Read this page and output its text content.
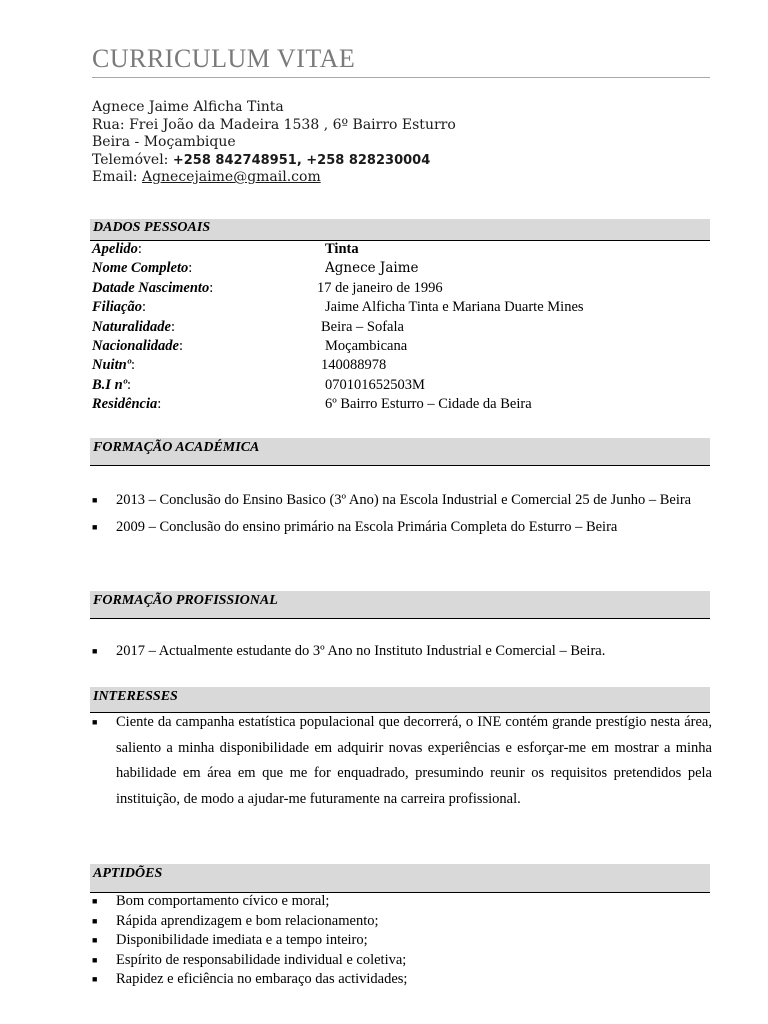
CURRICULUM VITAE
Agnece Jaime Alficha Tinta
Rua: Frei João da Madeira 1538 , 6º Bairro Esturro
Beira - Moçambique
Telemóvel: +258 842748951, +258 828230004
Email: Agnecejaime@gmail.com
DADOS PESSOAIS
Apelido:	Tinta
Nome Completo:	Agnece Jaime
Datade Nascimento:	17 de janeiro de 1996
Filiação:	Jaime Alficha Tinta e Mariana Duarte Mines
Naturalidade:	Beira – Sofala
Nacionalidade:	Moçambicana
Nuitnº:	140088978
B.I nº:	070101652503M
Residência:	6º Bairro Esturro – Cidade da Beira
FORMAÇÃO ACADÉMICA
■ 2013 – Conclusão do Ensino Basico (3º Ano) na Escola Industrial e Comercial 25 de Junho – Beira
■ 2009 – Conclusão do ensino primário na Escola Primária Completa do Esturro – Beira
FORMAÇÃO PROFISSIONAL
■ 2017 – Actualmente estudante do 3º Ano no Instituto Industrial e Comercial – Beira.
INTERESSES
■ Ciente da campanha estatística populacional que decorrerá, o INE contém grande prestígio nesta área, saliento a minha disponibilidade em adquirir novas experiências e esforçar-me em mostrar a minha habilidade em área em que me for enquadrado, presumindo reunir os requisitos pretendidos pela instituição, de modo a ajudar-me futuramente na carreira profissional.
APTIDÕES
■ Bom comportamento cívico e moral;
■ Rápida aprendizagem e bom relacionamento;
■ Disponibilidade imediata e a tempo inteiro;
■ Espírito de responsabilidade individual e coletiva;
■ Rapidez e eficiência no embaraço das actividades;
